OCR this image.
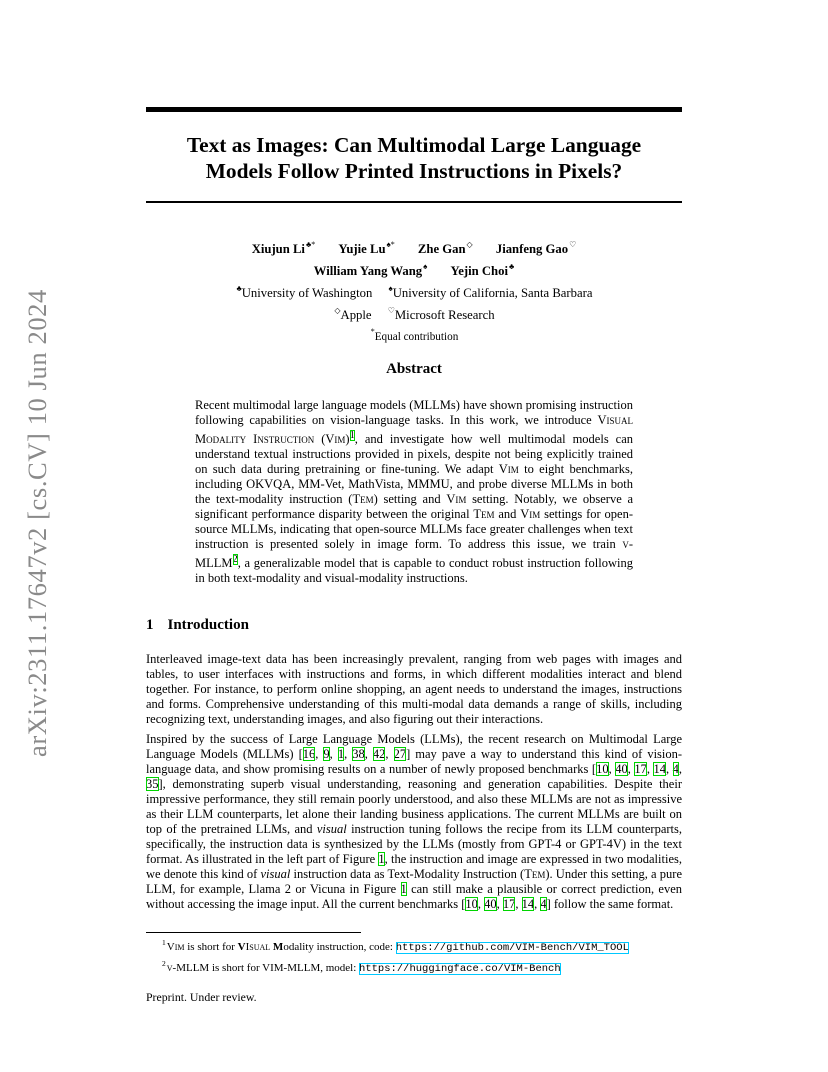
arXiv:2311.17647v2 [cs.CV] 10 Jun 2024
Text as Images: Can Multimodal Large Language
Models Follow Printed Instructions in Pixels?
Xiujun Li♣* Yujie Lu♠* Zhe Gan◇ Jianfeng Gao♡
William Yang Wang♠ Yejin Choi♣
♣University of Washington ♠University of California, Santa Barbara
◇Apple ♡Microsoft Research
*Equal contribution
Abstract

Recent multimodal large language models (MLLMs) have shown promising instruction following capabilities on vision-language tasks. In this work, we introduce Visual Modality Instruction (Vim)$^1$, and investigate how well multimodal models can understand textual instructions provided in pixels, despite not being explicitly trained on such data during pretraining or fine-tuning. We adapt Vim to eight benchmarks, including OKVQA, MM-Vet, MathVista, MMMU, and probe diverse MLLMs in both the text-modality instruction (Tem) setting and Vim setting. Notably, we observe a significant performance disparity between the original Tem and Vim settings for open-source MLLMs, indicating that open-source MLLMs face greater challenges when text instruction is presented solely in image form. To address this issue, we train v-MLLM$^2$, a generalizable model that is capable to conduct robust instruction following in both text-modality and visual-modality instructions.

1 Introduction

Interleaved image-text data has been increasingly prevalent, ranging from web pages with images and tables, to user interfaces with instructions and forms, in which different modalities interact and blend together. For instance, to perform online shopping, an agent needs to understand the images, instructions and forms. Comprehensive understanding of this multi-modal data demands a range of skills, including recognizing text, understanding images, and also figuring out their interactions.

Inspired by the success of Large Language Models (LLMs), the recent research on Multimodal Large Language Models (MLLMs) [16, 9, 1, 38, 42, 27] may pave a way to understand this kind of vision-language data, and show promising results on a number of newly proposed benchmarks [10, 40, 17, 14, 4, 35], demonstrating superb visual understanding, reasoning and generation capabilities. Despite their impressive performance, they still remain poorly understood, and also these MLLMs are not as impressive as their LLM counterparts, let alone their landing business applications. The current MLLMs are built on top of the pretrained LLMs, and visual instruction tuning follows the recipe from its LLM counterparts, specifically, the instruction data is synthesized by the LLMs (mostly from GPT-4 or GPT-4V) in the text format. As illustrated in the left part of Figure 1, the instruction and image are expressed in two modalities, we denote this kind of visual instruction data as Text-Modality Instruction (Tem). Under this setting, a pure LLM, for example, Llama 2 or Vicuna in Figure 1 can still make a plausible or correct prediction, even without accessing the image input. All the current benchmarks [10, 40, 17, 14, 4] follow the same format.

$^1$Vim is short for VIsual Modality instruction, code: https://github.com/VIM-Bench/VIM_TOOL
$^2$v-MLLM is short for VIM-MLLM, model: https://huggingface.co/VIM-Bench
Preprint. Under review.
